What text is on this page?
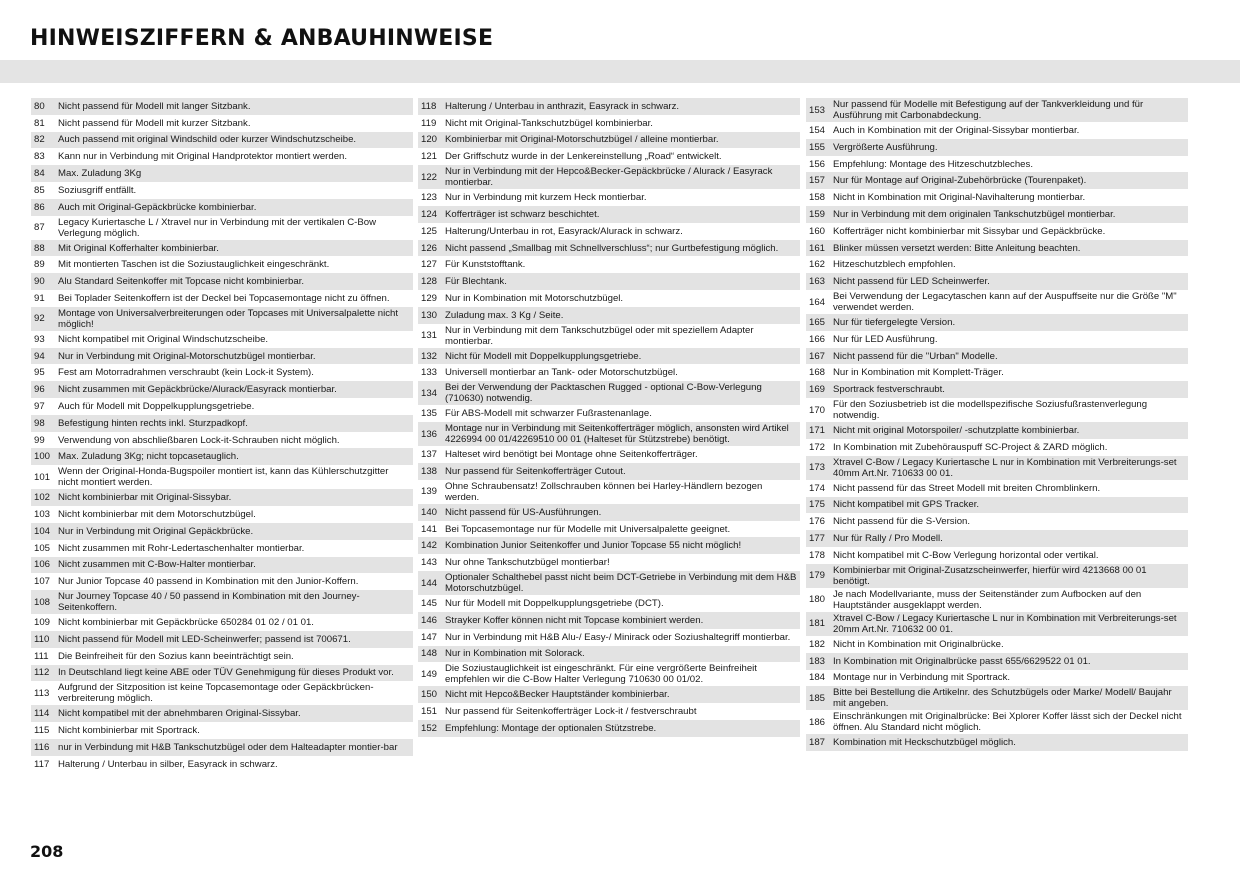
HINWEISZIFFERN & ANBAUHINWEISE
80	Nicht passend für Modell mit langer Sitzbank.
81	Nicht passend für Modell mit kurzer Sitzbank.
82	Auch passend mit original Windschild oder kurzer Windschutzscheibe.
83	Kann nur in Verbindung mit Original Handprotektor montiert werden.
84	Max. Zuladung 3Kg
85	Soziusgriff entfällt.
86	Auch mit Original-Gepäckbrücke kombinierbar.
87
Legacy Kuriertasche L / Xtravel nur in Verbindung mit der vertikalen C-Bow Verlegung möglich.
88	Mit Original Kofferhalter kombinierbar.
89	Mit montierten Taschen ist die Soziustauglichkeit eingeschränkt.
90	Alu Standard Seitenkoffer mit Topcase nicht kombinierbar.
91	Bei Toplader Seitenkoffern ist der Deckel bei Topcasemontage nicht zu öffnen.
92
Montage von Universalverbreiterungen oder Topcases mit Universalpalette nicht möglich!
93	Nicht kompatibel mit Original Windschutzscheibe.
94	Nur in Verbindung mit Original-Motorschutzbügel montierbar.
95	Fest am Motorradrahmen verschraubt (kein Lock-it System).
96	Nicht zusammen mit Gepäckbrücke/Alurack/Easyrack montierbar.
97	Auch für Modell mit Doppelkupplungsgetriebe.
98	Befestigung hinten rechts inkl. Sturzpadkopf.
99	Verwendung von abschließbaren Lock-it-Schrauben nicht möglich.
100 Max. Zuladung 3Kg; nicht topcasetauglich.
101
Wenn der Original-Honda-Bugspoiler montiert ist, kann das Kühlerschutzgitter nicht montiert werden.
102 Nicht kombinierbar mit Original-Sissybar.
103 Nicht kombinierbar mit dem Motorschutzbügel.
104 Nur in Verbindung mit Original Gepäckbrücke.
105 Nicht zusammen mit Rohr-Ledertaschenhalter montierbar.
106 Nicht zusammen mit C-Bow-Halter montierbar.
107 Nur Junior Topcase 40 passend in Kombination mit den Junior-Koffern.
108
Nur Journey Topcase 40 / 50 passend in Kombination mit den Journey-Seitenkoffern.
109 Nicht kombinierbar mit Gepäckbrücke 650284 01 02 / 01 01.
110 Nicht passend für Modell mit LED-Scheinwerfer; passend ist 700671.
111 Die Beinfreiheit für den Sozius kann beeinträchtigt sein.
112 In Deutschland liegt keine ABE oder TÜV Genehmigung für dieses Produkt vor.
113
Aufgrund der Sitzposition ist keine Topcasemontage oder Gepäckbrücken-verbreiterung möglich.
114 Nicht kompatibel mit der abnehmbaren Original-Sissybar.
115 Nicht kombinierbar mit Sportrack.
116 nur in Verbindung mit H&B Tankschutzbügel oder dem Halteadapter montier-bar
117 Halterung / Unterbau in silber, Easyrack in schwarz.
118 Halterung / Unterbau in anthrazit, Easyrack in schwarz.
119 Nicht mit Original-Tankschutzbügel kombinierbar.
120 Kombinierbar mit Original-Motorschutzbügel / alleine montierbar.
121 Der Griffschutz wurde in der Lenkereinstellung „Road“ entwickelt.
122
Nur in Verbindung mit der Hepco&Becker-Gepäckbrücke / Alurack / Easyrack montierbar.
123 Nur in Verbindung mit kurzem Heck montierbar.
124 Kofferträger ist schwarz beschichtet.
125 Halterung/Unterbau in rot, Easyrack/Alurack in schwarz.
126 Nicht passend „Smallbag mit Schnellverschluss“; nur Gurtbefestigung möglich.
127 Für Kunststofftank.
128 Für Blechtank.
129 Nur in Kombination mit Motorschutzbügel.
130 Zuladung max. 3 Kg / Seite.
131
Nur in Verbindung mit dem Tankschutzbügel oder mit speziellem Adapter montierbar.
132 Nicht für Modell mit Doppelkupplungsgetriebe.
133 Universell montierbar an Tank- oder Motorschutzbügel.
134
Bei der Verwendung der Packtaschen Rugged - optional C-Bow-Verlegung (710630) notwendig.
135 Für ABS-Modell mit schwarzer Fußrastenanlage.
136
Montage nur in Verbindung mit Seitenkofferträger möglich, ansonsten wird Artikel 4226994 00 01/42269510 00 01 (Halteset für Stützstrebe) benötigt.
137 Halteset wird benötigt bei Montage ohne Seitenkofferträger.
138 Nur passend für Seitenkofferträger Cutout.
139
Ohne Schraubensatz! Zollschrauben können bei Harley-Händlern bezogen werden.
140 Nicht passend für US-Ausführungen.
141 Bei Topcasemontage nur für Modelle mit Universalpalette geeignet.
142 Kombination Junior Seitenkoffer und Junior Topcase 55 nicht möglich!
143 Nur ohne Tankschutzbügel montierbar!
144
Optionaler Schalthebel passt nicht beim DCT-Getriebe in Verbindung mit dem H&B Motorschutzbügel.
145 Nur für Modell mit Doppelkupplungsgetriebe (DCT).
146 Strayker Koffer können nicht mit Topcase kombiniert werden.
147 Nur in Verbindung mit H&B Alu-/ Easy-/ Minirack oder Soziushaltegriff montierbar.
148 Nur in Kombination mit Solorack.
149
Die Soziustauglichkeit ist eingeschränkt. Für eine vergrößerte Beinfreiheit empfehlen wir die C-Bow Halter Verlegung 710630 00 01/02.
150 Nicht mit Hepco&Becker Hauptständer kombinierbar.
151 Nur passend für Seitenkofferträger Lock-it / festverschraubt
152 Empfehlung: Montage der optionalen Stützstrebe.
153
Nur passend für Modelle mit Befestigung auf der Tankverkleidung und für Ausführung mit Carbonabdeckung.
154 Auch in Kombination mit der Original-Sissybar montierbar.
155 Vergrößerte Ausführung.
156 Empfehlung: Montage des Hitzeschutzbleches.
157 Nur für Montage auf Original-Zubehörbrücke (Tourenpaket).
158 Nicht in Kombination mit Original-Navihalterung montierbar.
159 Nur in Verbindung mit dem originalen Tankschutzbügel montierbar.
160 Kofferträger nicht kombinierbar mit Sissybar und Gepäckbrücke.
161 Blinker müssen versetzt werden: Bitte Anleitung beachten.
162 Hitzeschutzblech empfohlen.
163 Nicht passend für LED Scheinwerfer.
164
Bei Verwendung der Legacytaschen kann auf der Auspuffseite nur die Größe "M" verwendet werden.
165 Nur für tiefergelegte Version.
166 Nur für LED Ausführung.
167 Nicht passend für die "Urban" Modelle.
168 Nur in Kombination mit Komplett-Träger.
169 Sportrack festverschraubt.
170
Für den Soziusbetrieb ist die modellspezifische Soziusfußrastenverlegung notwendig.
171 Nicht mit original Motorspoiler/ -schutzplatte kombinierbar.
172 In Kombination mit Zubehörauspuff SC-Project & ZARD möglich.
173
Xtravel C-Bow / Legacy Kuriertasche L nur in Kombination mit Verbreiterungs-set 40mm Art.Nr. 710633 00 01.
174 Nicht passend für das Street Modell mit breiten Chromblinkern.
175 Nicht kompatibel mit GPS Tracker.
176 Nicht passend für die S-Version.
177 Nur für Rally / Pro Modell.
178 Nicht kompatibel mit C-Bow Verlegung horizontal oder vertikal.
179
Kombinierbar mit Original-Zusatzscheinwerfer, hierfür wird 4213668 00 01 benötigt.
180
Je nach Modellvariante, muss der Seitenständer zum Aufbocken auf den Hauptständer ausgeklappt werden.
181
Xtravel C-Bow / Legacy Kuriertasche L nur in Kombination mit Verbreiterungs-set 20mm Art.Nr. 710632 00 01.
182 Nicht in Kombination mit Originalbrücke.
183 In Kombination mit Originalbrücke passt 655/6629522 01 01.
184 Montage nur in Verbindung mit Sportrack.
185
Bitte bei Bestellung die Artikelnr. des Schutzbügels oder Marke/ Modell/ Baujahr mit angeben.
186
Einschränkungen mit Originalbrücke: Bei Xplorer Koffer lässt sich der Deckel nicht öffnen. Alu Standard nicht möglich.
187 Kombination mit Heckschutzbügel möglich.
208
